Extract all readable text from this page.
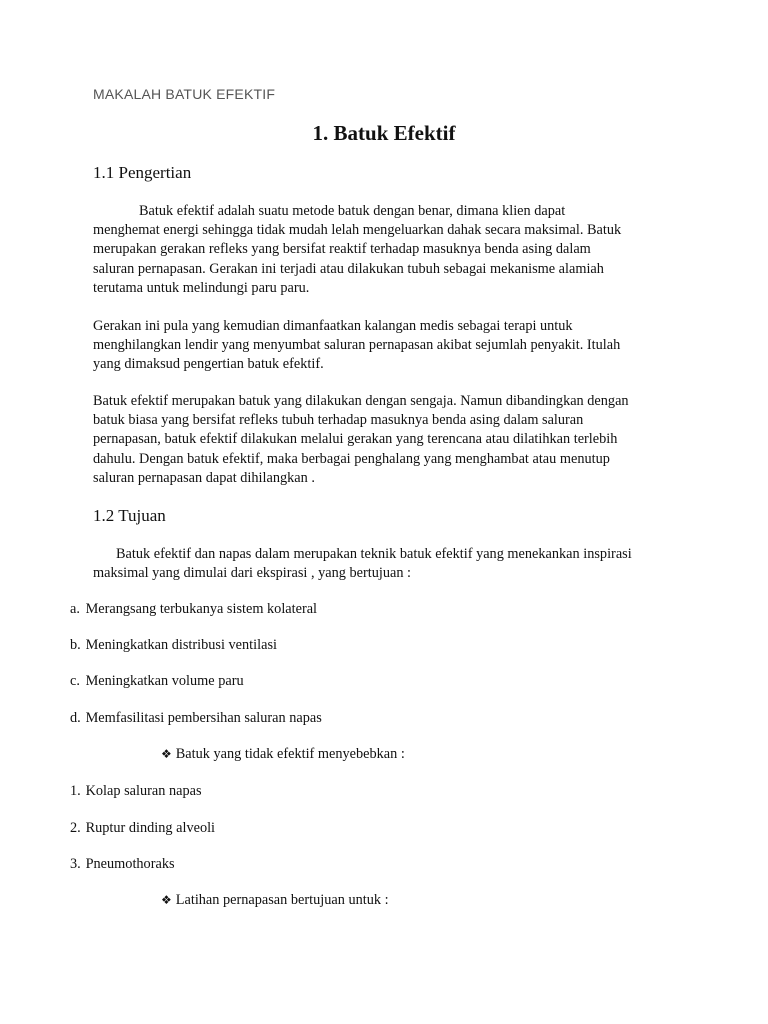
MAKALAH BATUK EFEKTIF
1. Batuk Efektif
1.1 Pengertian
Batuk efektif adalah suatu metode batuk dengan benar, dimana klien dapat
menghemat energi sehingga tidak mudah lelah mengeluarkan dahak secara maksimal. Batuk
merupakan gerakan refleks yang bersifat reaktif terhadap masuknya benda asing dalam
saluran pernapasan. Gerakan ini terjadi atau dilakukan tubuh sebagai mekanisme alamiah
terutama untuk melindungi paru paru.
Gerakan ini pula yang kemudian dimanfaatkan kalangan medis sebagai terapi untuk
menghilangkan lendir yang menyumbat saluran pernapasan akibat sejumlah penyakit. Itulah
yang dimaksud pengertian batuk efektif.
Batuk efektif merupakan batuk yang dilakukan dengan sengaja. Namun dibandingkan dengan
batuk biasa yang bersifat refleks tubuh terhadap masuknya benda asing dalam saluran
pernapasan, batuk efektif dilakukan melalui gerakan yang terencana atau dilatihkan terlebih
dahulu. Dengan batuk efektif, maka berbagai penghalang yang menghambat atau menutup
saluran pernapasan dapat dihilangkan .
1.2 Tujuan
Batuk efektif dan napas dalam merupakan teknik batuk efektif yang menekankan inspirasi
maksimal yang dimulai dari ekspirasi , yang bertujuan :
a. Merangsang terbukanya sistem kolateral
b. Meningkatkan distribusi ventilasi
c. Meningkatkan volume paru
d. Memfasilitasi pembersihan saluran napas
❖ Batuk yang tidak efektif menyebebkan :
1. Kolap saluran napas
2. Ruptur dinding alveoli
3. Pneumothoraks
❖ Latihan pernapasan bertujuan untuk :
